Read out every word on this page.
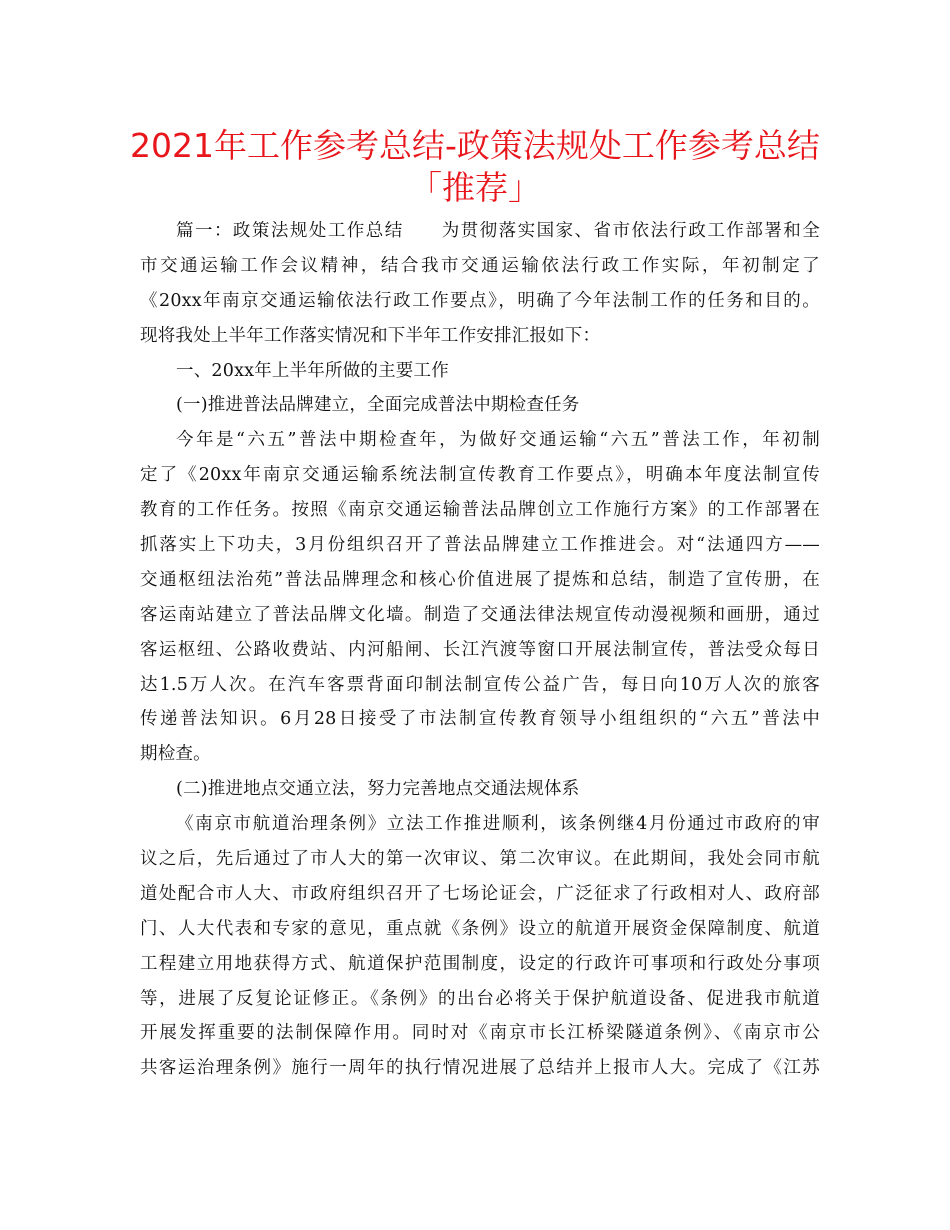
2021年工作参考总结-政策法规处工作参考总结
「推荐」
篇一：政策法规处工作总结　　为贯彻落实国家、省市依法行政工作部署和全
市交通运输工作会议精神，结合我市交通运输依法行政工作实际，年初制定了
《20xx年南京交通运输依法行政工作要点》，明确了今年法制工作的任务和目的。
现将我处上半年工作落实情况和下半年工作安排汇报如下：
一、20xx年上半年所做的主要工作
(一)推进普法品牌建立，全面完成普法中期检查任务
今年是“六五”普法中期检查年，为做好交通运输“六五”普法工作，年初制
定了《20xx年南京交通运输系统法制宣传教育工作要点》，明确本年度法制宣传
教育的工作任务。按照《南京交通运输普法品牌创立工作施行方案》的工作部署在
抓落实上下功夫，3月份组织召开了普法品牌建立工作推进会。对“法通四方——
交通枢纽法治苑”普法品牌理念和核心价值进展了提炼和总结，制造了宣传册，在
客运南站建立了普法品牌文化墙。制造了交通法律法规宣传动漫视频和画册，通过
客运枢纽、公路收费站、内河船闸、长江汽渡等窗口开展法制宣传，普法受众每日
达1.5万人次。在汽车客票背面印制法制宣传公益广告，每日向10万人次的旅客
传递普法知识。6月28日接受了市法制宣传教育领导小组组织的“六五”普法中
期检查。
(二)推进地点交通立法，努力完善地点交通法规体系
《南京市航道治理条例》立法工作推进顺利，该条例继4月份通过市政府的审
议之后，先后通过了市人大的第一次审议、第二次审议。在此期间，我处会同市航
道处配合市人大、市政府组织召开了七场论证会，广泛征求了行政相对人、政府部
门、人大代表和专家的意见，重点就《条例》设立的航道开展资金保障制度、航道
工程建立用地获得方式、航道保护范围制度，设定的行政许可事项和行政处分事项
等，进展了反复论证修正。《条例》的出台必将关于保护航道设备、促进我市航道
开展发挥重要的法制保障作用。同时对《南京市长江桥梁隧道条例》、《南京市公
共客运治理条例》施行一周年的执行情况进展了总结并上报市人大。完成了《江苏
